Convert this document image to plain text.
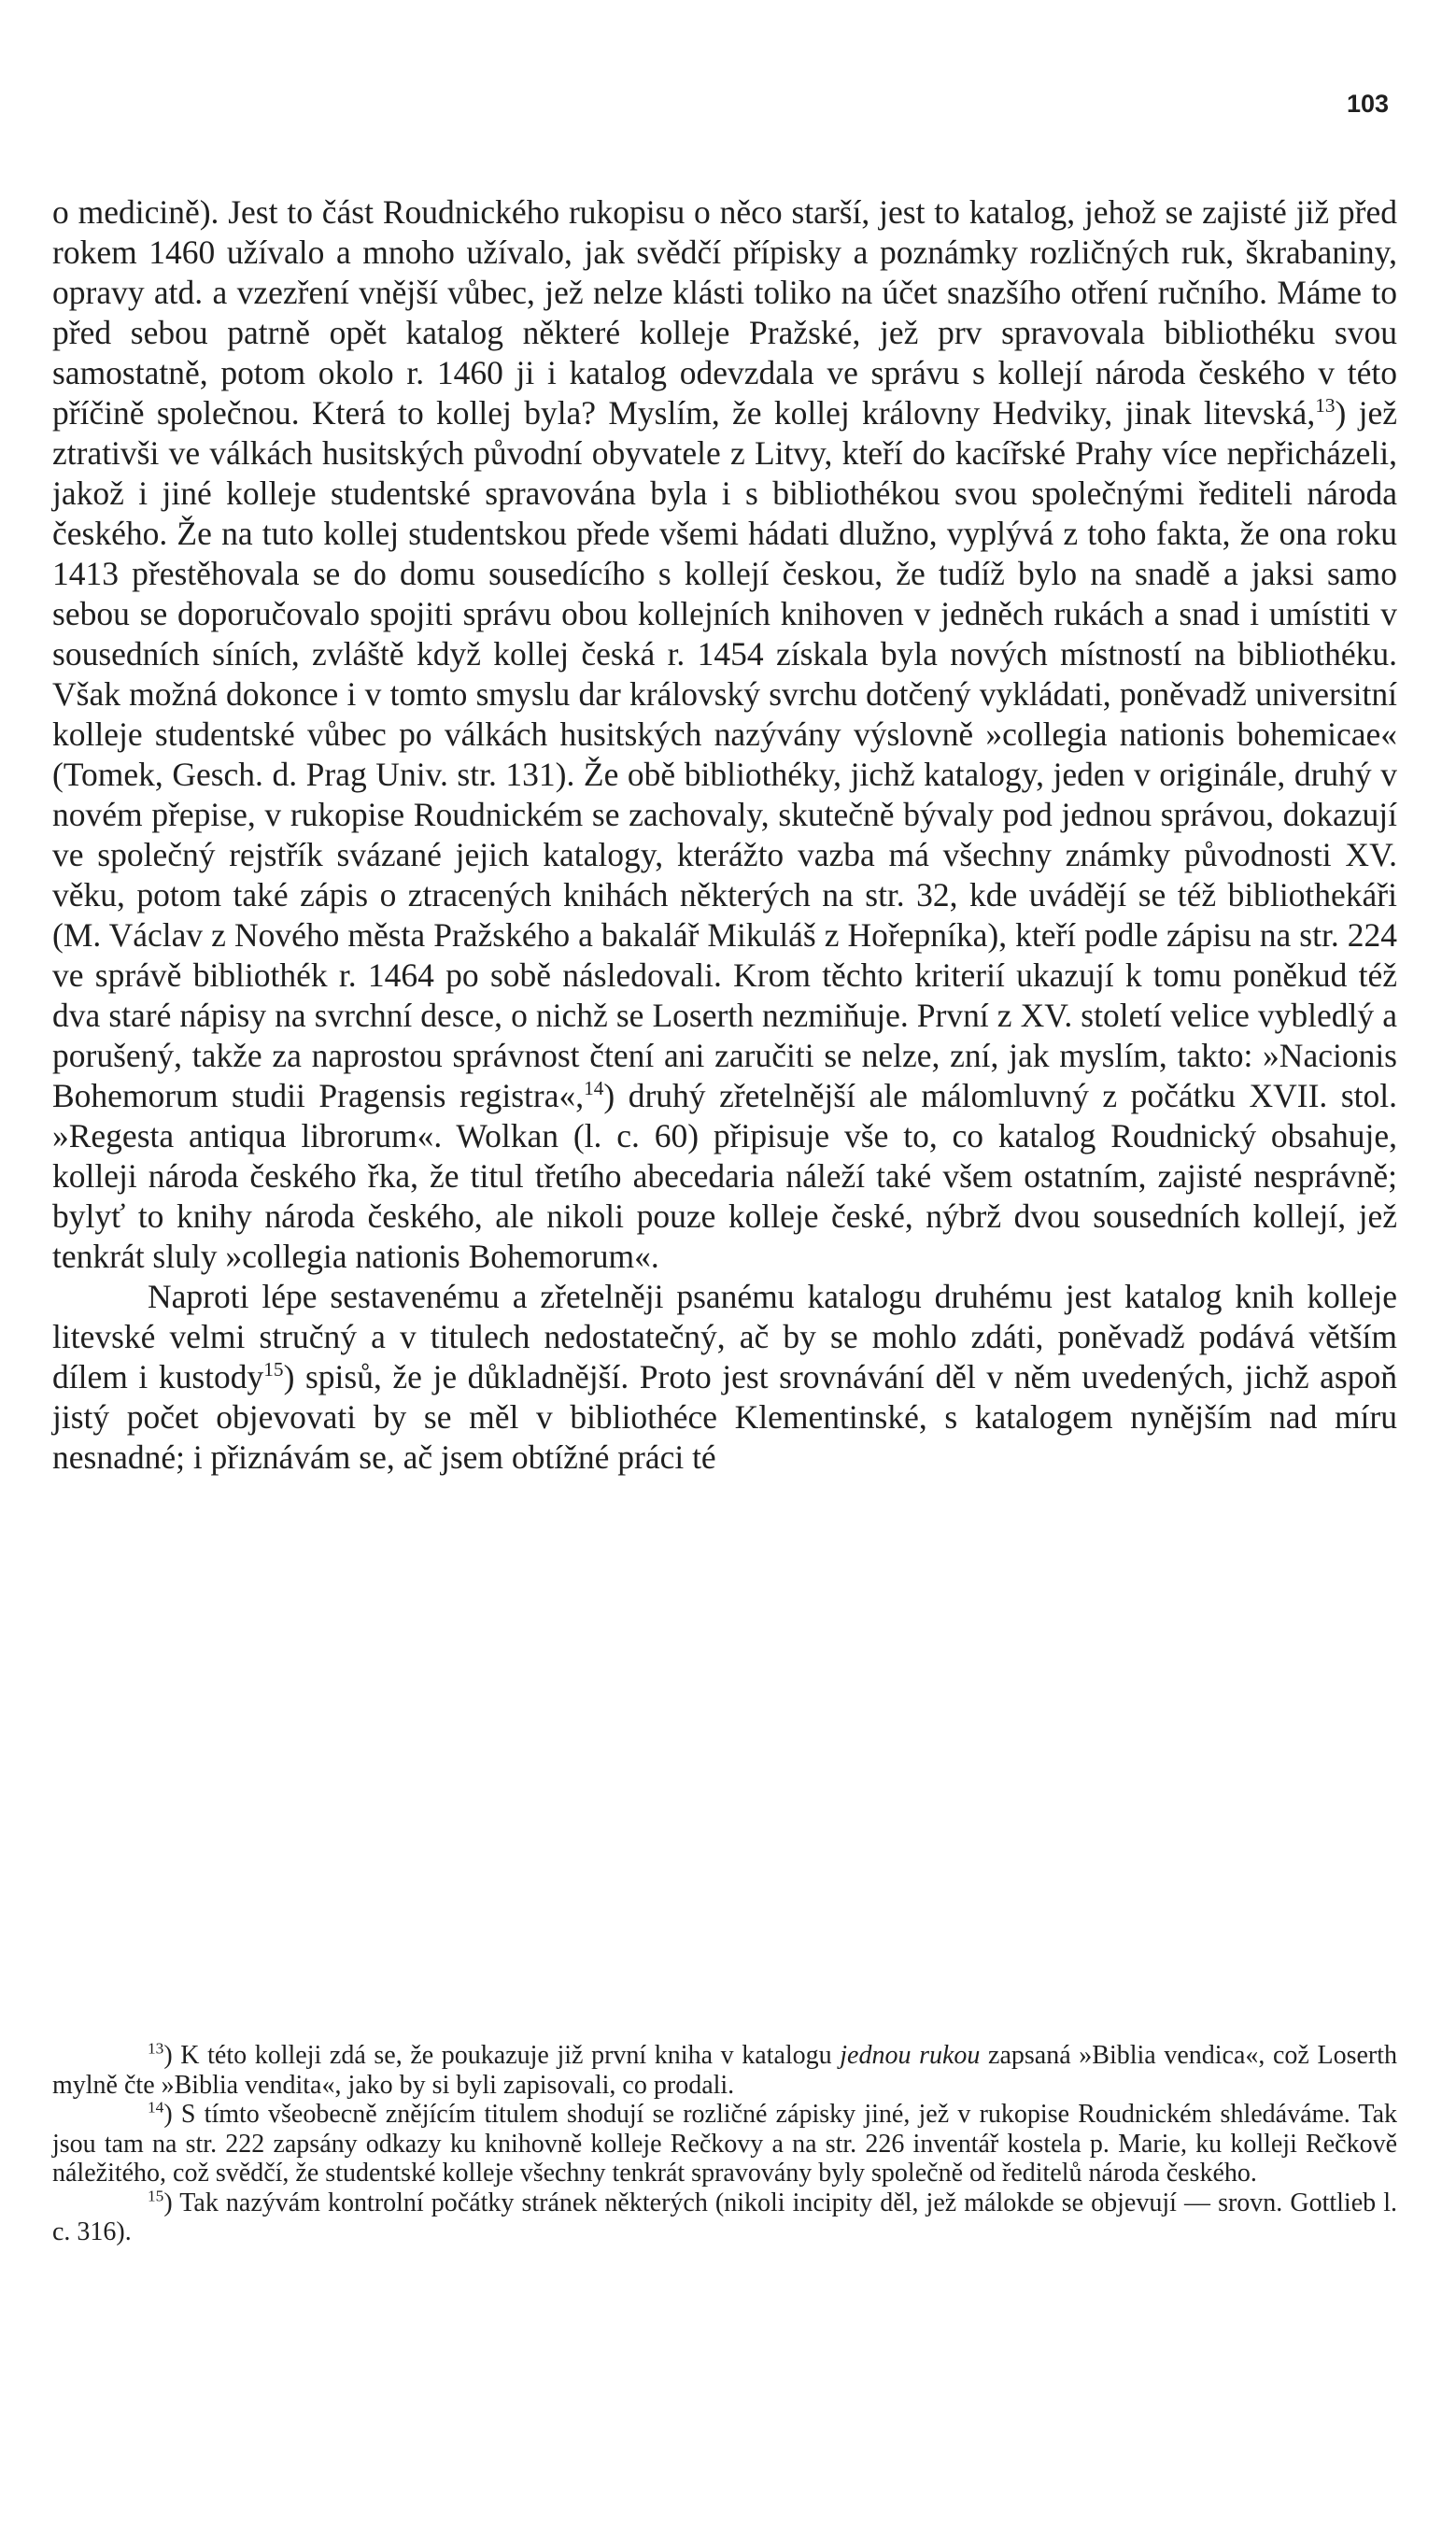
103

o medicině). Jest to část Roudnického rukopisu o něco starší, jest to katalog, jehož se zajisté již před rokem 1460 užívalo a mnoho užívalo, jak svědčí přípisky a poznámky rozličných ruk, škrabaniny, opravy atd. a vzezření vnější vůbec, jež nelze klásti toliko na účet snazšího otření ručního. Máme to před sebou patrně opět katalog některé kolleje Pražské, jež prv spravovala bibliothéku svou samostatně, potom okolo r. 1460 ji i katalog odevzdala ve správu s kollejí národa českého v této příčině společnou. Která to kollej byla? Myslím, že kollej královny Hedviky, jinak litevská,$^{13}$) jež ztrativši ve válkách husitských původní obyvatele z Litvy, kteří do kacířské Prahy více nepřicházeli, jakož i jiné kolleje studentské spravována byla i s bibliothékou svou společnými řediteli národa českého. Že na tuto kollej studentskou přede všemi hádati dlužno, vyplývá z toho fakta, že ona roku 1413 přestěhovala se do domu sousedícího s kollejí českou, že tudíž bylo na snadě a jaksi samo sebou se doporučovalo spojiti správu obou kollejních knihoven v jedněch rukách a snad i umístiti v sousedních síních, zvláště když kollej česká r. 1454 získala byla nových místností na bibliothéku. Však možná dokonce i v tomto smyslu dar královský svrchu dotčený vykládati, poněvadž universitní kolleje studentské vůbec po válkách husitských nazývány výslovně »collegia nationis bohemicae« (Tomek, Gesch. d. Prag Univ. str. 131). Že obě bibliothéky, jichž katalogy, jeden v originále, druhý v novém přepise, v rukopise Roudnickém se zachovaly, skutečně bývaly pod jednou správou, dokazují ve společný rejstřík svázané jejich katalogy, kterážto vazba má všechny známky původnosti XV. věku, potom také zápis o ztracených knihách některých na str. 32, kde uvádějí se též bibliothekáři (M. Václav z Nového města Pražského a bakalář Mikuláš z Hořepníka), kteří podle zápisu na str. 224 ve správě bibliothék r. 1464 po sobě následovali. Krom těchto kriterií ukazují k tomu poněkud též dva staré nápisy na svrchní desce, o nichž se Loserth nezmiňuje. První z XV. století velice vybledlý a porušený, takže za naprostou správnost čtení ani zaručiti se nelze, zní, jak myslím, takto: »Nacionis Bohemorum studii Pragensis registra«,$^{14}$) druhý zřetelnější ale málomluvný z počátku XVII. stol. »Regesta antiqua librorum«. Wolkan (l. c. 60) připisuje vše to, co katalog Roudnický obsahuje, kolleji národa českého řka, že titul třetího abecedaria náleží také všem ostatním, zajisté nesprávně; bylyť to knihy národa českého, ale nikoli pouze kolleje české, nýbrž dvou sousedních kollejí, jež tenkrát sluly »collegia nationis Bohemorum«.

Naproti lépe sestavenému a zřetelněji psanému katalogu druhému jest katalog knih kolleje litevské velmi stručný a v titulech nedostatečný, ač by se mohlo zdáti, poněvadž podává větším dílem i kustody$^{15}$) spisů, že je důkladnější. Proto jest srovnávání děl v něm uvedených, jichž aspoň jistý počet objevovati by se měl v bibliothéce Klementinské, s katalogem nynějším nad míru nesnadné; i přiznávám se, ač jsem obtížné práci té

$^{13}$) K této kolleji zdá se, že poukazuje již první kniha v katalogu jednou rukou zapsaná »Biblia vendica«, což Loserth mylně čte »Biblia vendita«, jako by si byli zapisovali, co prodali.

$^{14}$) S tímto všeobecně znějícím titulem shodují se rozličné zápisky jiné, jež v rukopise Roudnickém shledáváme. Tak jsou tam na str. 222 zapsány odkazy ku knihovně kolleje Rečkovy a na str. 226 inventář kostela p. Marie, ku kolleji Rečkově náležitého, což svědčí, že studentské kolleje všechny tenkrát spravovány byly společně od ředitelů národa českého.

$^{15}$) Tak nazývám kontrolní počátky stránek některých (nikoli incipity děl, jež málokde se objevují — srovn. Gottlieb l. c. 316).
